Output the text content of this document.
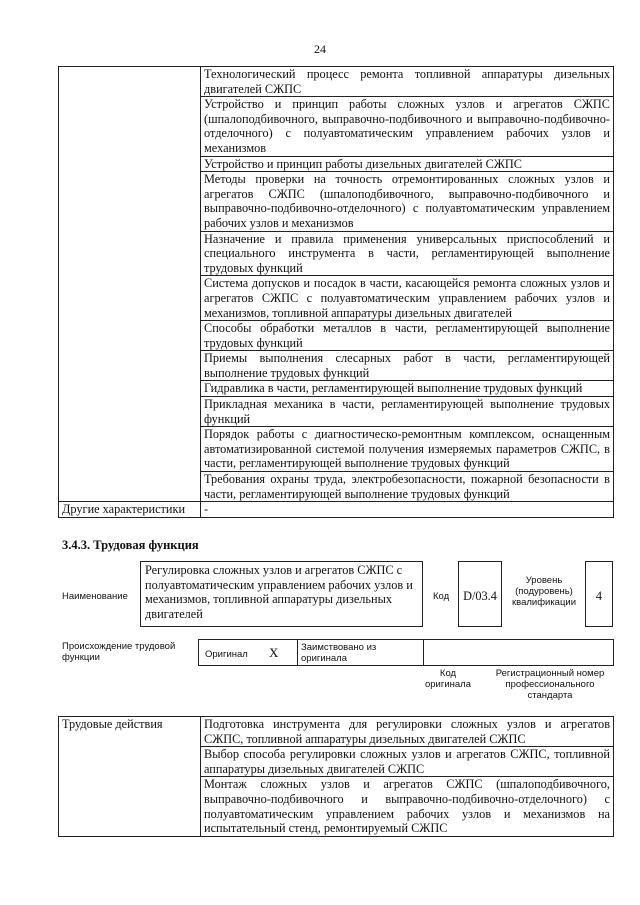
24
	Технологический процесс ремонта топливной аппаратуры дизельных двигателей СЖПС
	Устройство и принцип работы сложных узлов и агрегатов СЖПС (шпалоподбивочного, выправочно-подбивочного и выправочно-подбивочно-отделочного) с полуавтоматическим управлением рабочих узлов и механизмов
	Устройство и принцип работы дизельных двигателей СЖПС
	Методы проверки на точность отремонтированных сложных узлов и агрегатов СЖПС (шпалоподбивочного, выправочно-подбивочного и выправочно-подбивочно-отделочного) с полуавтоматическим управлением рабочих узлов и механизмов
	Назначение и правила применения универсальных приспособлений и специального инструмента в части, регламентирующей выполнение трудовых функций
	Система допусков и посадок в части, касающейся ремонта сложных узлов и агрегатов СЖПС с полуавтоматическим управлением рабочих узлов и механизмов, топливной аппаратуры дизельных двигателей
	Способы обработки металлов в части, регламентирующей выполнение трудовых функций
	Приемы выполнения слесарных работ в части, регламентирующей выполнение трудовых функций
	Гидравлика в части, регламентирующей выполнение трудовых функций
	Прикладная механика в части, регламентирующей выполнение трудовых функций
	Порядок работы с диагностическо-ремонтным комплексом, оснащенным автоматизированной системой получения измеряемых параметров СЖПС, в части, регламентирующей выполнение трудовых функций
	Требования охраны труда, электробезопасности, пожарной безопасности в части, регламентирующей выполнение трудовых функций
Другие характеристики	-
3.4.3. Трудовая функция
Наименование
Регулировка сложных узлов и агрегатов СЖПС с полуавтоматическим управлением рабочих узлов и механизмов, топливной аппаратуры дизельных двигателей
Код	D/03.4
Уровень (подуровень) квалификации	4
Происхождение трудовой функции	Оригинал X Заимствовано из оригинала
Код оригинала
Регистрационный номер профессионального стандарта
Трудовые действия	Подготовка инструмента для регулировки сложных узлов и агрегатов СЖПС, топливной аппаратуры дизельных двигателей СЖПС
Выбор способа регулировки сложных узлов и агрегатов СЖПС, топливной аппаратуры дизельных двигателей СЖПС
Монтаж сложных узлов и агрегатов СЖПС (шпалоподбивочного, выправочно-подбивочного и выправочно-подбивочно-отделочного) с полуавтоматическим управлением рабочих узлов и механизмов на испытательный стенд, ремонтируемый СЖПС
